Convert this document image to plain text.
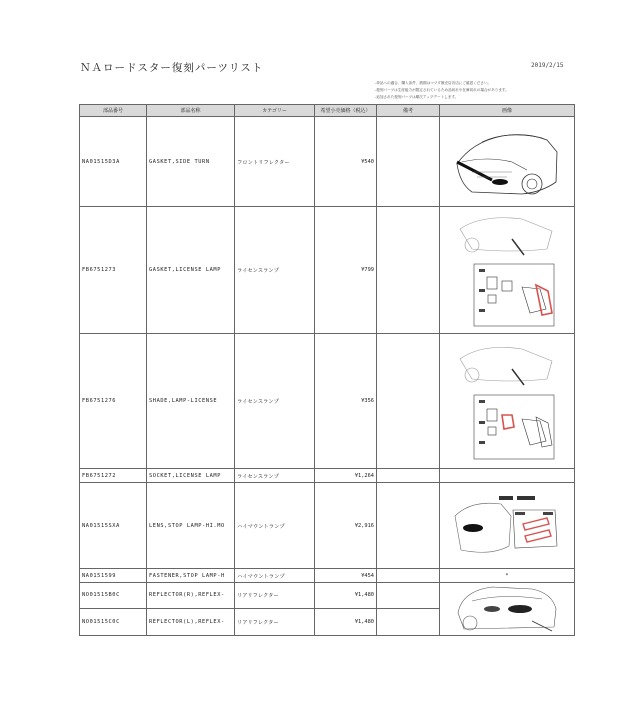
ＮＡロードスター復刻パーツリスト	2019/2/15
-単品への適合、購入条件、納期はマツダ販売店各店にご確認ください。
-復刻パーツは生産能力が限定されているため品切れや在庫切れの場合があります。
-追加された復刻パーツは順次アップデートします。
部品番号	部品名称	カテゴリー	希望小売価格（税込）	備考	画像
NA01515D3A	GASKET,SIDE TURN	フロントリフレクター	¥540		

FB6751273	GASKET,LICENSE LAMP	ライセンスランプ	¥799		

FB6751276	SHADE,LAMP-LICENSE	ライセンスランプ	¥356		

FB6751272	SOCKET,LICENSE LAMP	ライセンスランプ	¥1,264		
NA01515SXA	LENS,STOP LAMP-HI.MO	ハイマウントランプ	¥2,916		

NA0151599	FASTENER,STOP LAMP-H	ハイマウントランプ	¥454		*
NO01515B0C	REFLECTOR(R),REFLEX-	リアリフレクター	¥1,480		

NO01515C0C	REFLECTOR(L),REFLEX-	リアリフレクター	¥1,480		
